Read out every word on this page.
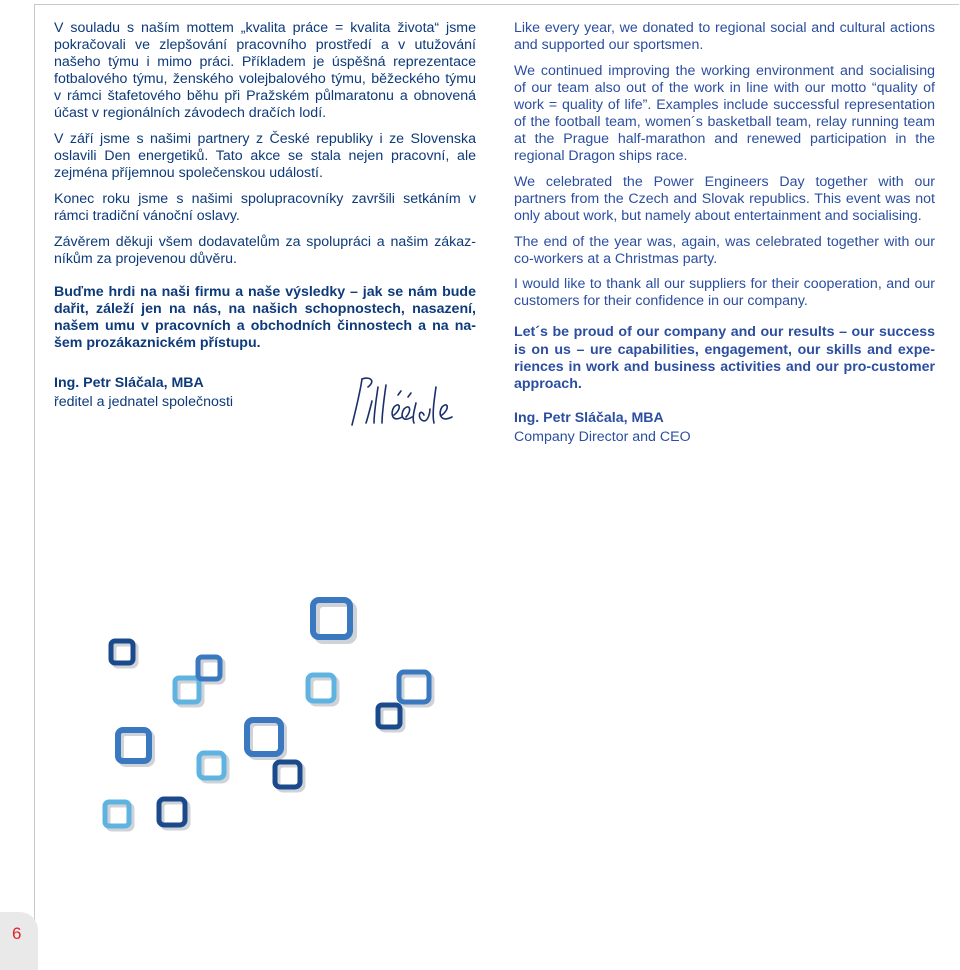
V souladu s naším mottem „kvalita práce = kvalita života“ jsme pokračovali ve zlepšování pracovního prostředí a v utužování našeho týmu i mimo práci. Příkladem je úspěšná reprezentace fotbalového týmu, ženského volejbalového týmu, běžeckého týmu v rámci štafetového běhu při Pražském půlmaratonu a obnovená účast v regionálních závodech dračích lodí.

V září jsme s našimi partnery z České republiky i ze Slovenska oslavili Den energetiků. Tato akce se stala nejen pracovní, ale zejména příjemnou společenskou událostí.

Konec roku jsme s našimi spolupracovníky završili setkáním v rámci tradiční vánoční oslavy.

Závěrem děkuji všem dodavatelům za spolupráci a našim zákazníkům za projevenou důvěru.

Buďme hrdi na naši firmu a naše výsledky – jak se nám bude dařit, záleží jen na nás, na našich schopnostech, nasazení, našem umu v pracovních a obchodních činnostech a na našem prozákaznickém přístupu.

Ing. Petr Sláčala, MBA
ředitel a jednatel společnosti

Like every year, we donated to regional social and cultural actions and supported our sportsmen.

We continued improving the working environment and socialising of our team also out of the work in line with our motto “quality of work = quality of life”. Examples include successful representation of the football team, women´s basketball team, relay running team at the Prague half-marathon and renewed participation in the regional Dragon ships race.

We celebrated the Power Engineers Day together with our partners from the Czech and Slovak republics. This event was not only about work, but namely about entertainment and socialising.

The end of the year was, again, was celebrated together with our co-workers at a Christmas party.

I would like to thank all our suppliers for their cooperation, and our customers for their confidence in our company.

Let´s be proud of our company and our results – our success is on us – ure capabilities, engagement, our skills and experiences in work and business activities and our pro-customer approach.

Ing. Petr Sláčala, MBA
Company Director and CEO

6
